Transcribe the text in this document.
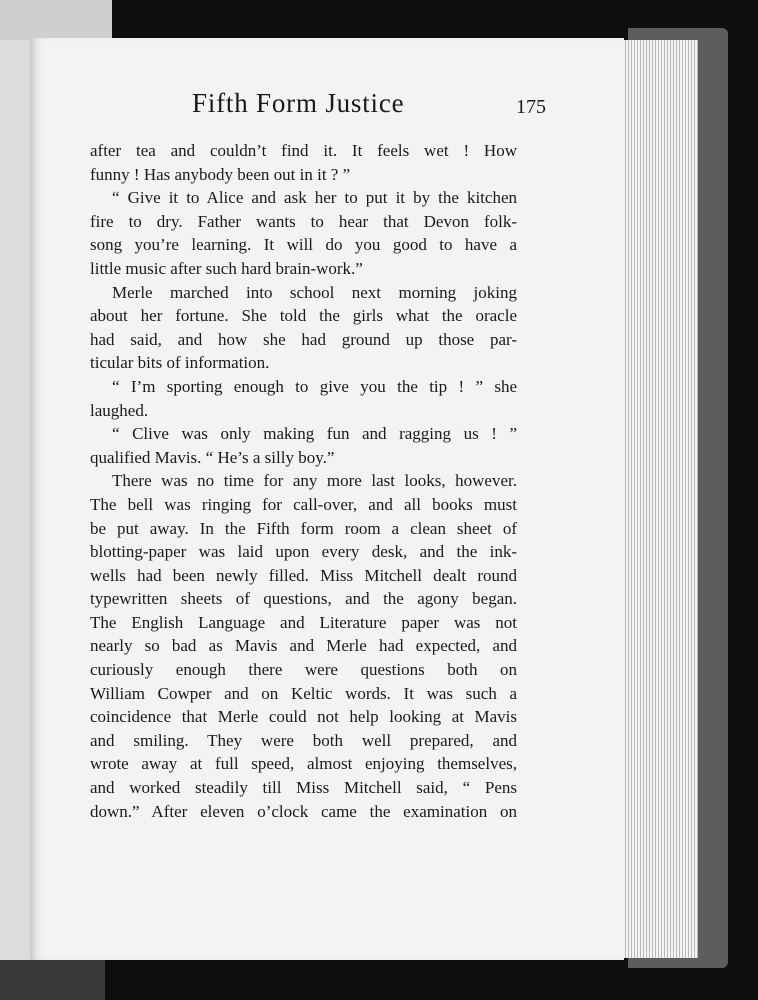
Fifth Form Justice	175
after tea and couldn’t find it. It feels wet ! How
funny ! Has anybody been out in it ? ”
“ Give it to Alice and ask her to put it by the kitchen
fire to dry. Father wants to hear that Devon folk-
song you’re learning. It will do you good to have a
little music after such hard brain-work.”
Merle marched into school next morning joking
about her fortune. She told the girls what the oracle
had said, and how she had ground up those par-
ticular bits of information.
“ I’m sporting enough to give you the tip ! ” she
laughed.
“ Clive was only making fun and ragging us ! ”
qualified Mavis. “ He’s a silly boy.”
There was no time for any more last looks, however.
The bell was ringing for call-over, and all books must
be put away. In the Fifth form room a clean sheet of
blotting-paper was laid upon every desk, and the ink-
wells had been newly filled. Miss Mitchell dealt round
typewritten sheets of questions, and the agony began.
The English Language and Literature paper was not
nearly so bad as Mavis and Merle had expected, and
curiously enough there were questions both on
William Cowper and on Keltic words. It was such a
coincidence that Merle could not help looking at Mavis
and smiling. They were both well prepared, and
wrote away at full speed, almost enjoying themselves,
and worked steadily till Miss Mitchell said, “ Pens
down.” After eleven o’clock came the examination on
